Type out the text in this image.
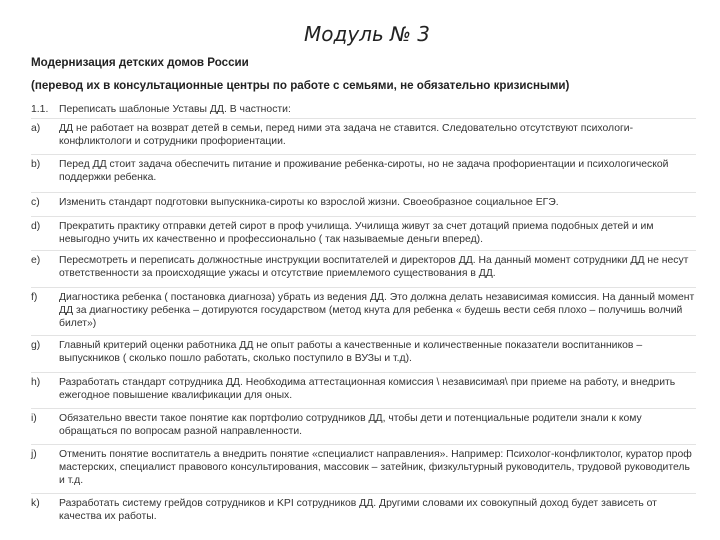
Модуль № 3
Модернизация детских домов России
(перевод их в консультационные центры по работе с семьями, не обязательно кризисными)
1.1. Переписать шаблоные Уставы ДД. В частности:
a)	ДД не работает на возврат детей в семьи, перед ними эта задача не ставится. Следовательно отсутствуют психологи-конфликтологи и сотрудники профориентации.
b)	Перед ДД стоит задача обеспечить питание и проживание ребенка-сироты, но не задача профориентации и психологической поддержки ребенка.
c)	Изменить стандарт подготовки выпускника-сироты ко взрослой жизни. Своеобразное социальное ЕГЭ.
d)	Прекратить практику отправки детей сирот в проф училища. Училища живут за счет дотаций приема подобных детей и им невыгодно учить их качественно и профессионально ( так называемые деньги вперед).
e)	Пересмотреть и переписать должностные инструкции воспитателей и директоров ДД. На данный момент сотрудники ДД не несут ответственности за происходящие ужасы и отсутствие приемлемого существования в ДД.
f)	Диагностика ребенка ( постановка диагноза) убрать из ведения ДД. Это должна делать независимая комиссия. На данный момент ДД за диагностику ребенка – дотируются государством (метод кнута для ребенка « будешь вести себя плохо – получишь волчий билет»)
g)	Главный критерий оценки работника ДД не опыт работы а качественные и количественные показатели воспитанников – выпускников ( сколько пошло работать, сколько поступило в ВУЗы и т.д).
h)	Разработать стандарт сотрудника ДД. Необходима аттестационная комиссия \ независимая\ при приеме на работу, и внедрить ежегодное повышение квалификации для оных.
i)	Обязательно ввести такое понятие как портфолио сотрудников ДД, чтобы дети и потенциальные родители знали к кому обращаться по вопросам разной направленности.
j)	Отменить понятие воспитатель а внедрить понятие «специалист направления». Например: Психолог-конфликтолог, куратор проф мастерских, специалист правового консультирования, массовик – затейник, физкультурный руководитель, трудовой руководитель и т.д.
k)	Разработать систему грейдов сотрудников и KPI сотрудников ДД. Другими словами их совокупный доход будет зависеть от качества их работы.
